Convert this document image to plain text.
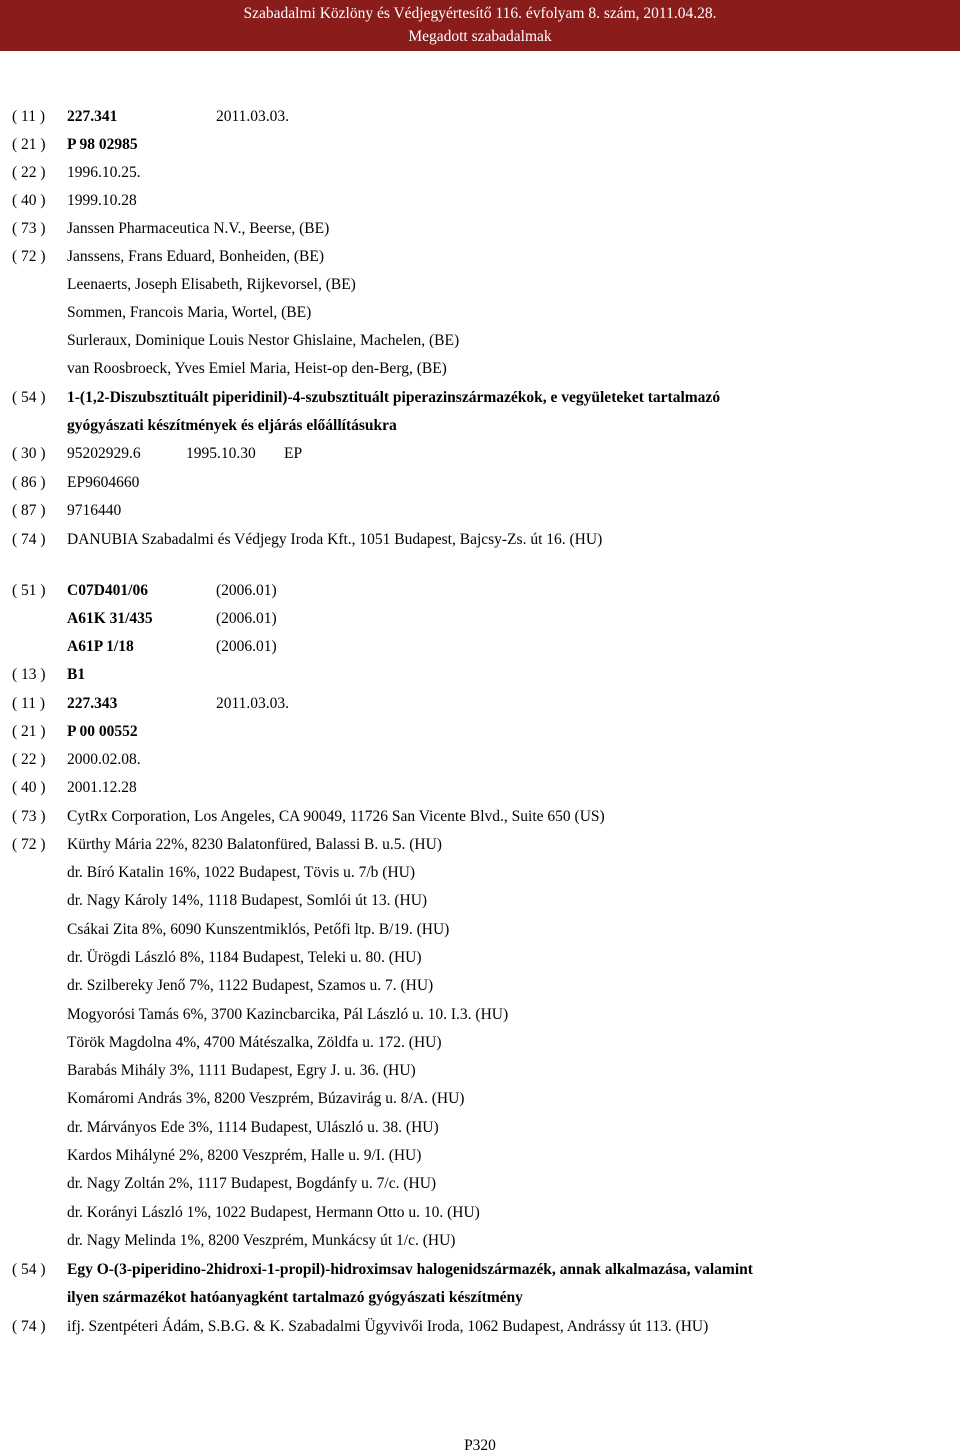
Szabadalmi Közlöny és Védjegyértesítő 116. évfolyam 8. szám, 2011.04.28.
Megadott szabadalmak
( 11 )	227.341	2011.03.03.
( 21 )	P 98 02985
( 22 )	1996.10.25.
( 40 )	1999.10.28
( 73 )	Janssen Pharmaceutica N.V., Beerse, (BE)
( 72 )	Janssens, Frans Eduard, Bonheiden, (BE)
Leenaerts, Joseph Elisabeth, Rijkevorsel, (BE)
Sommen, Francois Maria, Wortel, (BE)
Surleraux, Dominique Louis Nestor Ghislaine, Machelen, (BE)
van Roosbroeck, Yves Emiel Maria, Heist-op den-Berg, (BE)
( 54 )	1-(1,2-Diszubsztituált piperidinil)-4-szubsztituált piperazinszármazékok, e vegyületeket tartalmazó
gyógyászati készítmények és eljárás előállításukra
( 30 )	95202929.6	1995.10.30 EP
( 86 )	EP9604660
( 87 )	9716440
( 74 )	DANUBIA Szabadalmi és Védjegy Iroda Kft., 1051 Budapest, Bajcsy-Zs. út 16. (HU)
( 51 )	C07D401/06	(2006.01)
A61K 31/435	(2006.01)
A61P 1/18	(2006.01)
( 13 )	B1
( 11 )	227.343	2011.03.03.
( 21 )	P 00 00552
( 22 )	2000.02.08.
( 40 )	2001.12.28
( 73 )	CytRx Corporation, Los Angeles, CA 90049, 11726 San Vicente Blvd., Suite 650 (US)
( 72 )	Kürthy Mária 22%, 8230 Balatonfüred, Balassi B. u.5. (HU)
dr. Bíró Katalin 16%, 1022 Budapest, Tövis u. 7/b (HU)
dr. Nagy Károly 14%, 1118 Budapest, Somlói út 13. (HU)
Csákai Zita 8%, 6090 Kunszentmiklós, Petőfi ltp. B/19. (HU)
dr. Ürögdi László 8%, 1184 Budapest, Teleki u. 80. (HU)
dr. Szilbereky Jenő 7%, 1122 Budapest, Szamos u. 7. (HU)
Mogyorósi Tamás 6%, 3700 Kazincbarcika, Pál László u. 10. I.3. (HU)
Török Magdolna 4%, 4700 Mátészalka, Zöldfa u. 172. (HU)
Barabás Mihály 3%, 1111 Budapest, Egry J. u. 36. (HU)
Komáromi András 3%, 8200 Veszprém, Búzavirág u. 8/A. (HU)
dr. Márványos Ede 3%, 1114 Budapest, Ulászló u. 38. (HU)
Kardos Mihályné 2%, 8200 Veszprém, Halle u. 9/I. (HU)
dr. Nagy Zoltán 2%, 1117 Budapest, Bogdánfy u. 7/c. (HU)
dr. Korányi László 1%, 1022 Budapest, Hermann Otto u. 10. (HU)
dr. Nagy Melinda 1%, 8200 Veszprém, Munkácsy út 1/c. (HU)
( 54 )	Egy O-(3-piperidino-2hidroxi-1-propil)-hidroximsav halogenidszármazék, annak alkalmazása, valamint
ilyen származékot hatóanyagként tartalmazó gyógyászati készítmény
( 74 )	ifj. Szentpéteri Ádám, S.B.G. & K. Szabadalmi Ügyvivői Iroda, 1062 Budapest, Andrássy út 113. (HU)
P320
